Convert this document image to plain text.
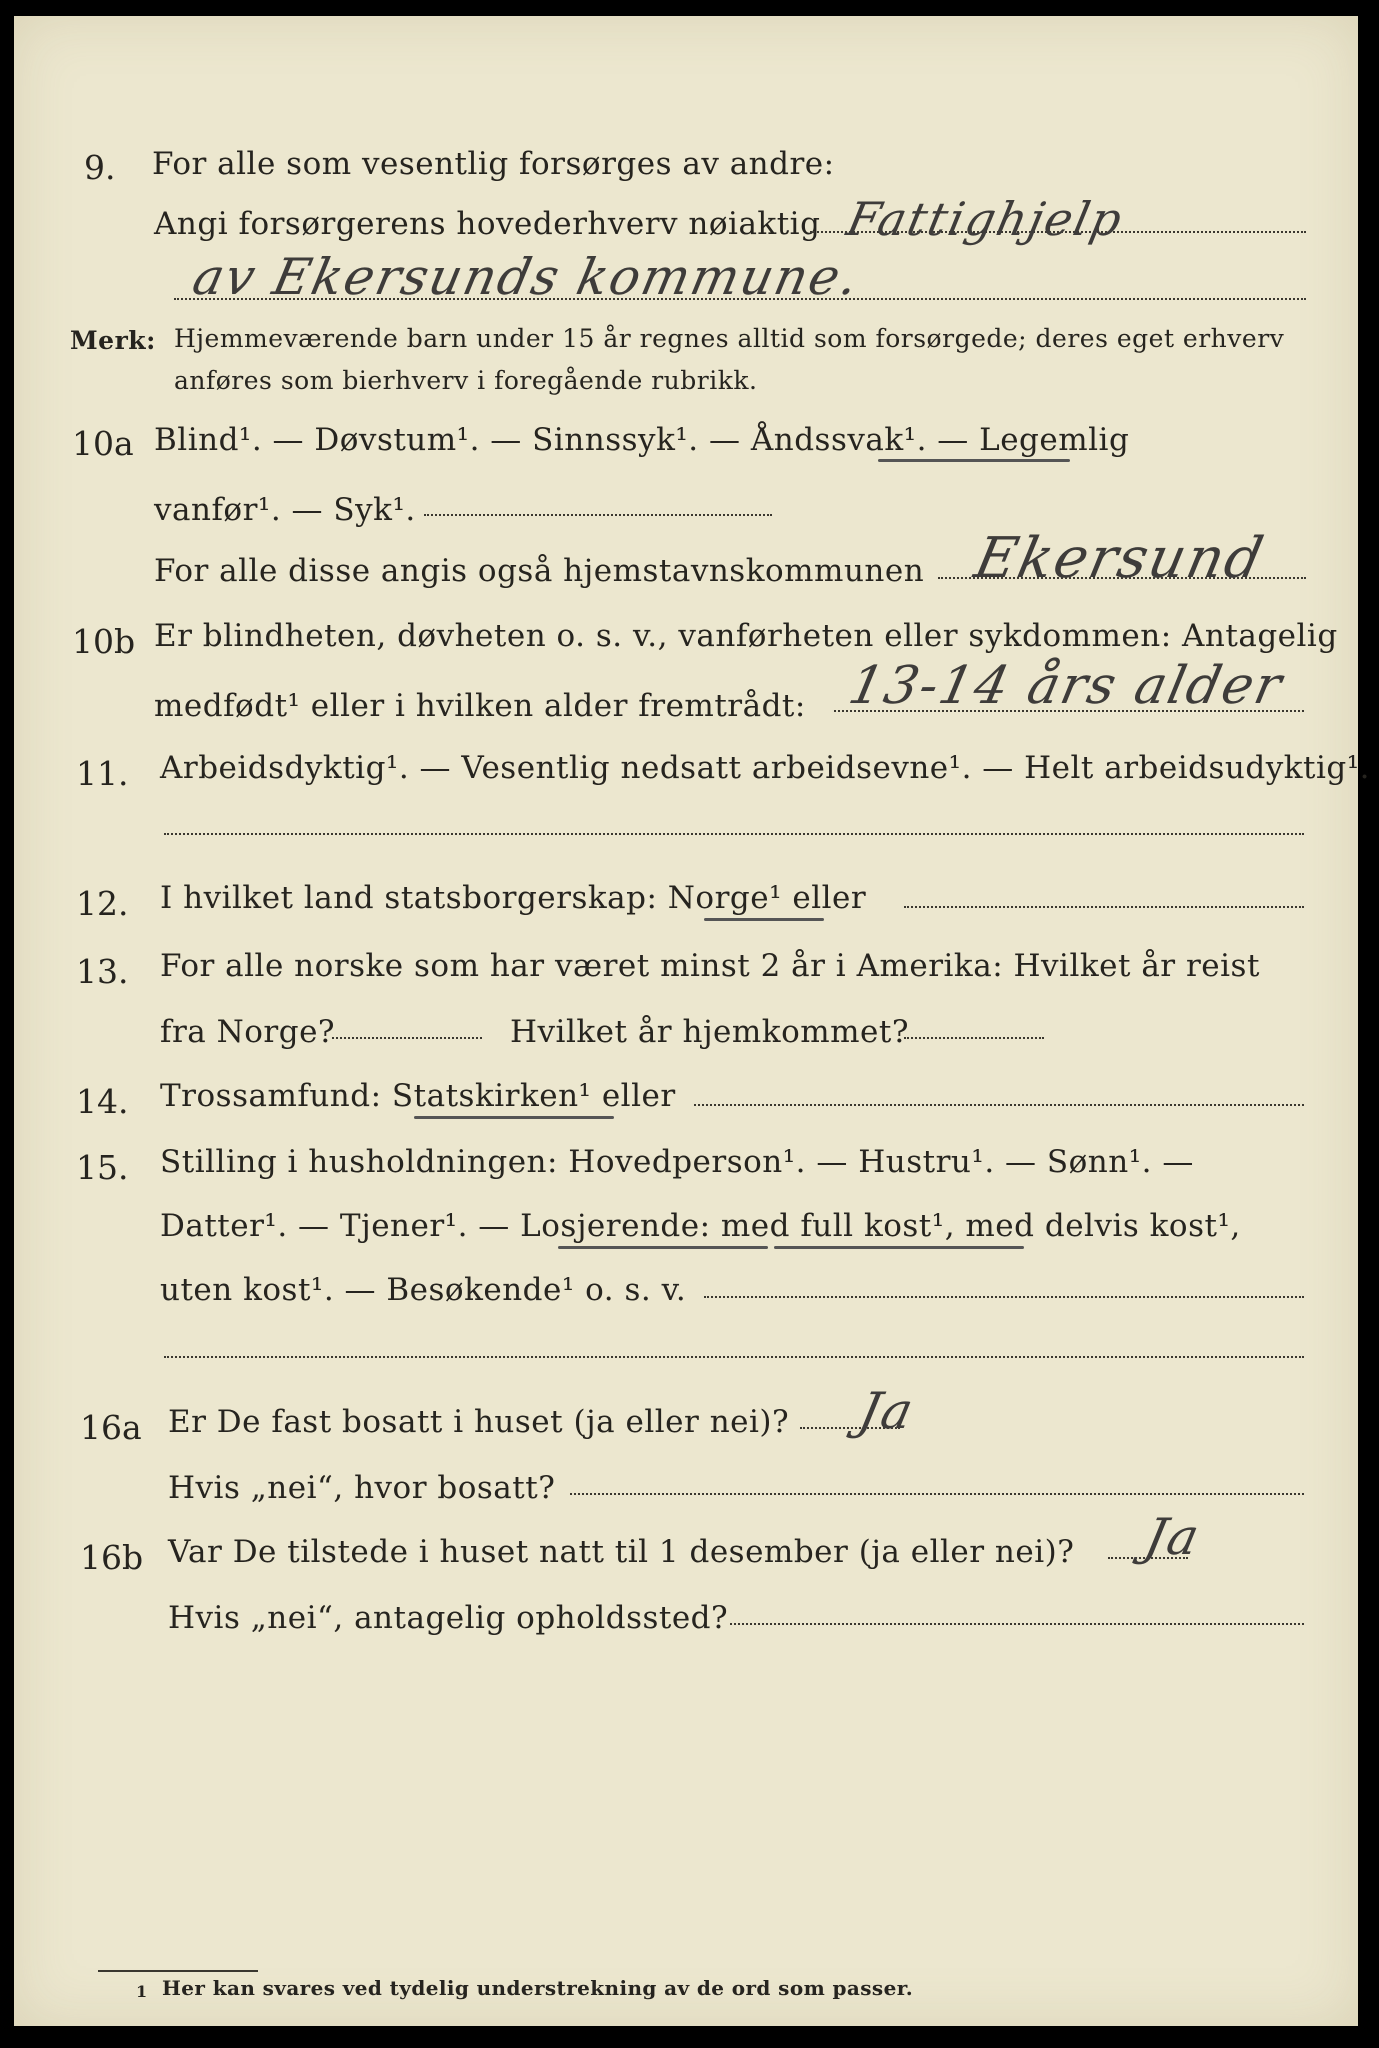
9. For alle som vesentlig forsørges av andre:
Angi forsørgerens hovederhverv nøiaktig Fattighjelp
av Ekersunds kommune.
Merk: Hjemmeværende barn under 15 år regnes alltid som forsørgede; deres eget erhverv
anføres som bierhverv i foregående rubrikk.
10a Blind¹. — Døvstum¹. — Sinnssyk¹. — Åndssvak¹. — Legemlig
vanfør¹. — Syk¹.
For alle disse angis også hjemstavnskommunen Ekersund
10b Er blindheten, døvheten o. s. v., vanførheten eller sykdommen: Antagelig
medfødt¹ eller i hvilken alder fremtrådt: 13-14 års alder
11. Arbeidsdyktig¹. — Vesentlig nedsatt arbeidsevne¹. — Helt arbeidsudyktig¹.
12. I hvilket land statsborgerskap: Norge¹ eller
13. For alle norske som har været minst 2 år i Amerika: Hvilket år reist
fra Norge?	Hvilket år hjemkommet?
14. Trossamfund: Statskirken¹ eller
15. Stilling i husholdningen: Hovedperson¹. — Hustru¹. — Sønn¹. —
Datter¹. — Tjener¹. — Losjerende: med full kost¹, med delvis kost¹,
uten kost¹. — Besøkende¹ o. s. v.
16a Er De fast bosatt i huset (ja eller nei)? Ja
Hvis „nei“, hvor bosatt?
16b Var De tilstede i huset natt til 1 desember (ja eller nei)? Ja
Hvis „nei“, antagelig opholdssted?
1 Her kan svares ved tydelig understrekning av de ord som passer.
